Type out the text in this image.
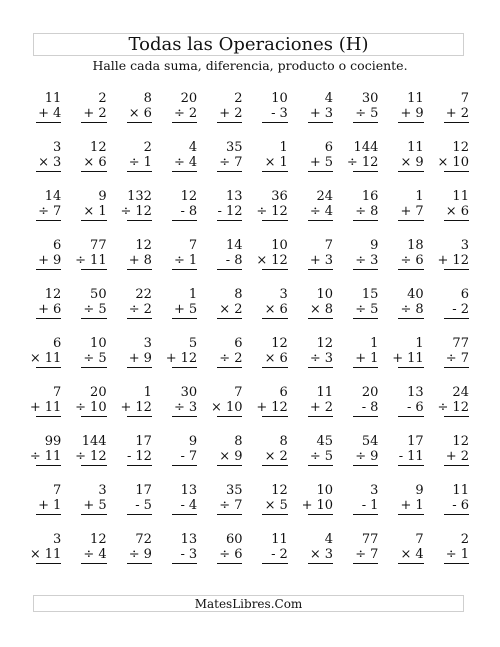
Todas las Operaciones (H)
Halle cada suma, diferencia, producto o cociente.
11
+ 4
2
+ 2
8
× 6
20
÷ 2
2
+ 2
10
- 3
4
+ 3
30
÷ 5
11
+ 9
7
+ 2
3
× 3
12
× 6
2
÷ 1
4
÷ 4
35
÷ 7
1
× 1
6
+ 5
144
÷ 12
11
× 9
12
× 10
14
÷ 7
9
× 1
132
÷ 12
12
- 8
13
- 12
36
÷ 12
24
÷ 4
16
÷ 8
1
+ 7
11
× 6
6
+ 9
77
÷ 11
12
+ 8
7
÷ 1
14
- 8
10
× 12
7
+ 3
9
÷ 3
18
÷ 6
3
+ 12
12
+ 6
50
÷ 5
22
÷ 2
1
+ 5
8
× 2
3
× 6
10
× 8
15
÷ 5
40
÷ 8
6
- 2
6
× 11
10
÷ 5
3
+ 9
5
+ 12
6
÷ 2
12
× 6
12
÷ 3
1
+ 1
1
+ 11
77
÷ 7
7
+ 11
20
÷ 10
1
+ 12
30
÷ 3
7
× 10
6
+ 12
11
+ 2
20
- 8
13
- 6
24
÷ 12
99
÷ 11
144
÷ 12
17
- 12
9
- 7
8
× 9
8
× 2
45
÷ 5
54
÷ 9
17
- 11
12
+ 2
7
+ 1
3
+ 5
17
- 5
13
- 4
35
÷ 7
12
× 5
10
+ 10
3
- 1
9
+ 1
11
- 6
3
× 11
12
÷ 4
72
÷ 9
13
- 3
60
÷ 6
11
- 2
4
× 3
77
÷ 7
7
× 4
2
÷ 1
MatesLibres.Com
